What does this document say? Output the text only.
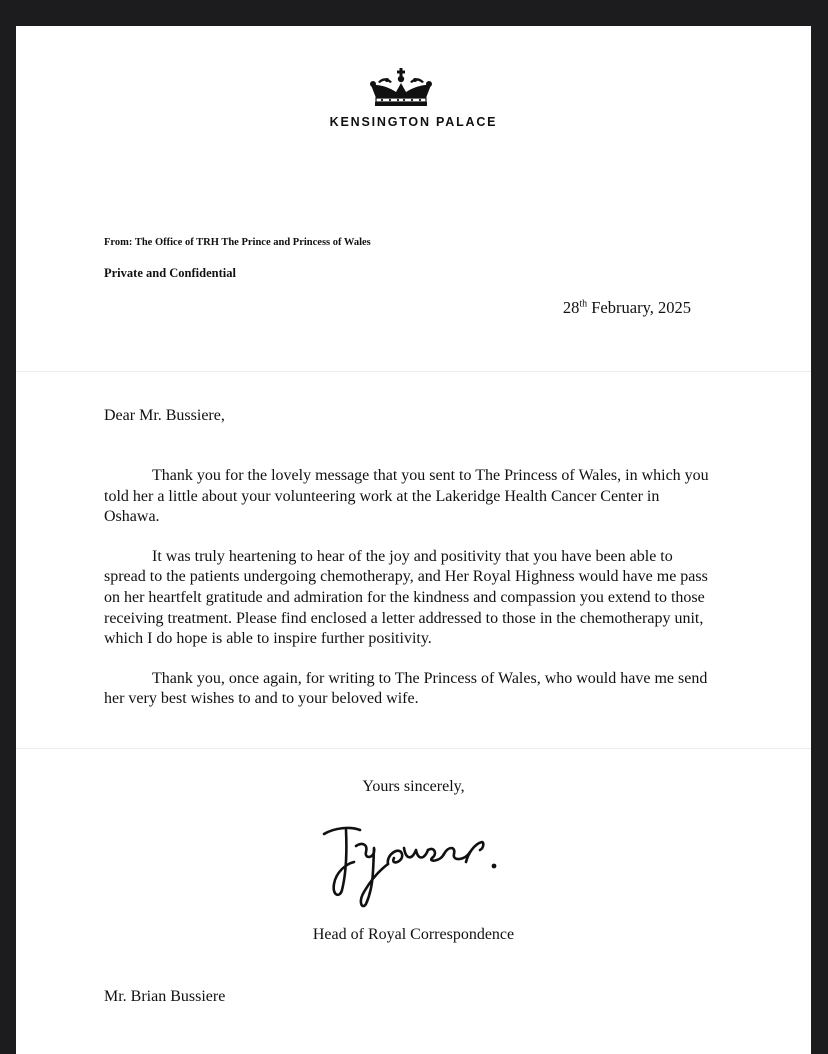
KENSINGTON PALACE
From: The Office of TRH The Prince and Princess of Wales
Private and Confidential
28th February, 2025
Dear Mr. Bussiere,

Thank you for the lovely message that you sent to The Princess of Wales, in which you told her a little about your volunteering work at the Lakeridge Health Cancer Center in Oshawa.

It was truly heartening to hear of the joy and positivity that you have been able to spread to the patients undergoing chemotherapy, and Her Royal Highness would have me pass on her heartfelt gratitude and admiration for the kindness and compassion you extend to those receiving treatment. Please find enclosed a letter addressed to those in the chemotherapy unit, which I do hope is able to inspire further positivity.

Thank you, once again, for writing to The Princess of Wales, who would have me send her very best wishes to and to your beloved wife.

Yours sincerely,
Head of Royal Correspondence
Mr. Brian Bussiere
